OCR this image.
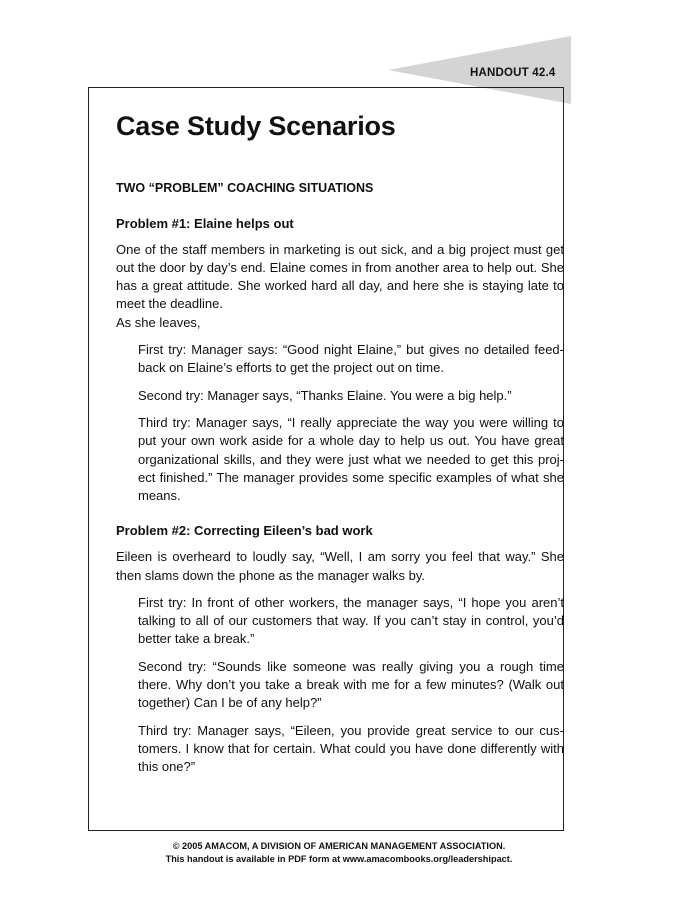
HANDOUT 42.4
Case Study Scenarios
TWO “PROBLEM” COACHING SITUATIONS
Problem #1: Elaine helps out

One of the staff members in marketing is out sick, and a big project must get out the door by day’s end. Elaine comes in from another area to help out. She has a great attitude. She worked hard all day, and here she is staying late to meet the deadline.

As she leaves,

First try: Manager says: “Good night Elaine,” but gives no detailed feed-back on Elaine’s efforts to get the project out on time.

Second try: Manager says, “Thanks Elaine. You were a big help.”

Third try: Manager says, “I really appreciate the way you were willing to put your own work aside for a whole day to help us out. You have great organizational skills, and they were just what we needed to get this proj-ect finished.” The manager provides some specific examples of what she means.

Problem #2: Correcting Eileen’s bad work

Eileen is overheard to loudly say, “Well, I am sorry you feel that way.” She then slams down the phone as the manager walks by.

First try: In front of other workers, the manager says, “I hope you aren’t talking to all of our customers that way. If you can’t stay in control, you’d better take a break.”

Second try: “Sounds like someone was really giving you a rough time there. Why don’t you take a break with me for a few minutes? (Walk out together) Can I be of any help?”

Third try: Manager says, “Eileen, you provide great service to our cus-tomers. I know that for certain. What could you have done differently with this one?”

© 2005 AMACOM, A DIVISION OF AMERICAN MANAGEMENT ASSOCIATION.
This handout is available in PDF form at www.amacombooks.org/leadershipact.
